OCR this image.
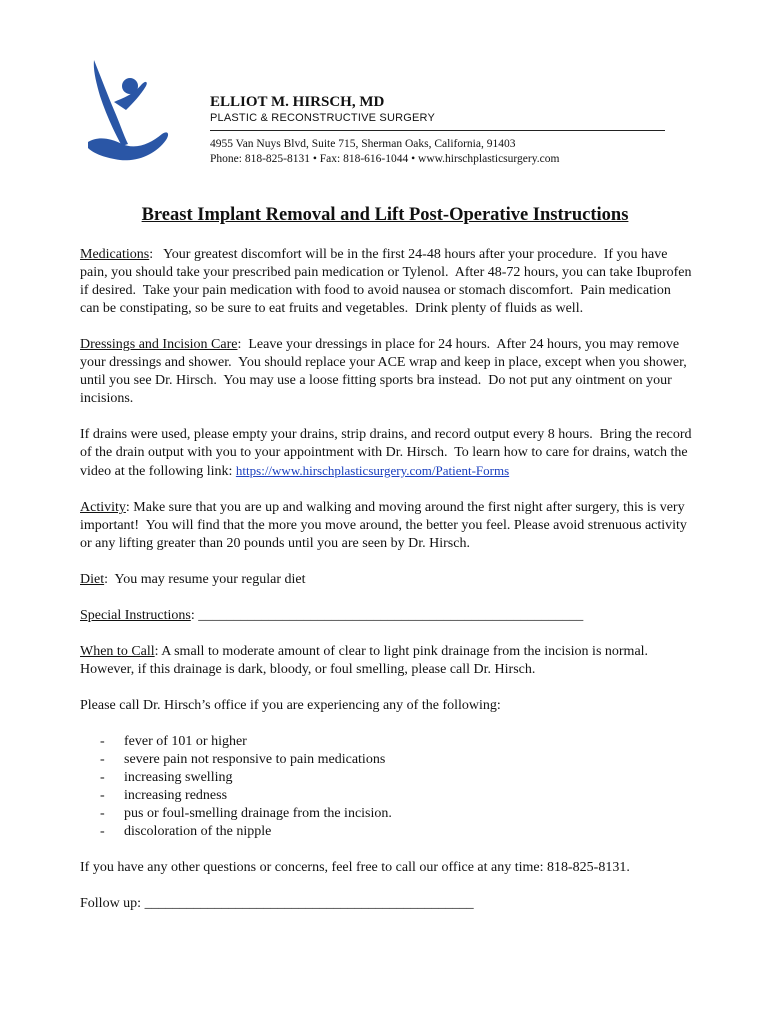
ELLIOT M. HIRSCH, MD
PLASTIC & RECONSTRUCTIVE SURGERY
4955 Van Nuys Blvd, Suite 715, Sherman Oaks, California, 91403
Phone: 818-825-8131 • Fax: 818-616-1044 • www.hirschplasticsurgery.com
Breast Implant Removal and Lift Post-Operative Instructions

Medications:   Your greatest discomfort will be in the first 24-48 hours after your procedure.  If you have pain, you should take your prescribed pain medication or Tylenol.  After 48-72 hours, you can take Ibuprofen if desired.  Take your pain medication with food to avoid nausea or stomach discomfort.  Pain medication can be constipating, so be sure to eat fruits and vegetables.  Drink plenty of fluids as well.

Dressings and Incision Care:  Leave your dressings in place for 24 hours.  After 24 hours, you may remove your dressings and shower.  You should replace your ACE wrap and keep in place, except when you shower, until you see Dr. Hirsch.  You may use a loose fitting sports bra instead.  Do not put any ointment on your incisions.

If drains were used, please empty your drains, strip drains, and record output every 8 hours.  Bring the record of the drain output with you to your appointment with Dr. Hirsch.  To learn how to care for drains, watch the video at the following link: https://www.hirschplasticsurgery.com/Patient-Forms

Activity: Make sure that you are up and walking and moving around the first night after surgery, this is very important!  You will find that the more you move around, the better you feel. Please avoid strenuous activity or any lifting greater than 20 pounds until you are seen by Dr. Hirsch.

Diet:  You may resume your regular diet

Special Instructions: _______________________________________________________

When to Call: A small to moderate amount of clear to light pink drainage from the incision is normal. However, if this drainage is dark, bloody, or foul smelling, please call Dr. Hirsch.

Please call Dr. Hirsch’s office if you are experiencing any of the following:

- fever of 101 or higher
- severe pain not responsive to pain medications
- increasing swelling
- increasing redness
- pus or foul-smelling drainage from the incision.
- discoloration of the nipple

If you have any other questions or concerns, feel free to call our office at any time: 818-825-8131.

Follow up: _______________________________________________
